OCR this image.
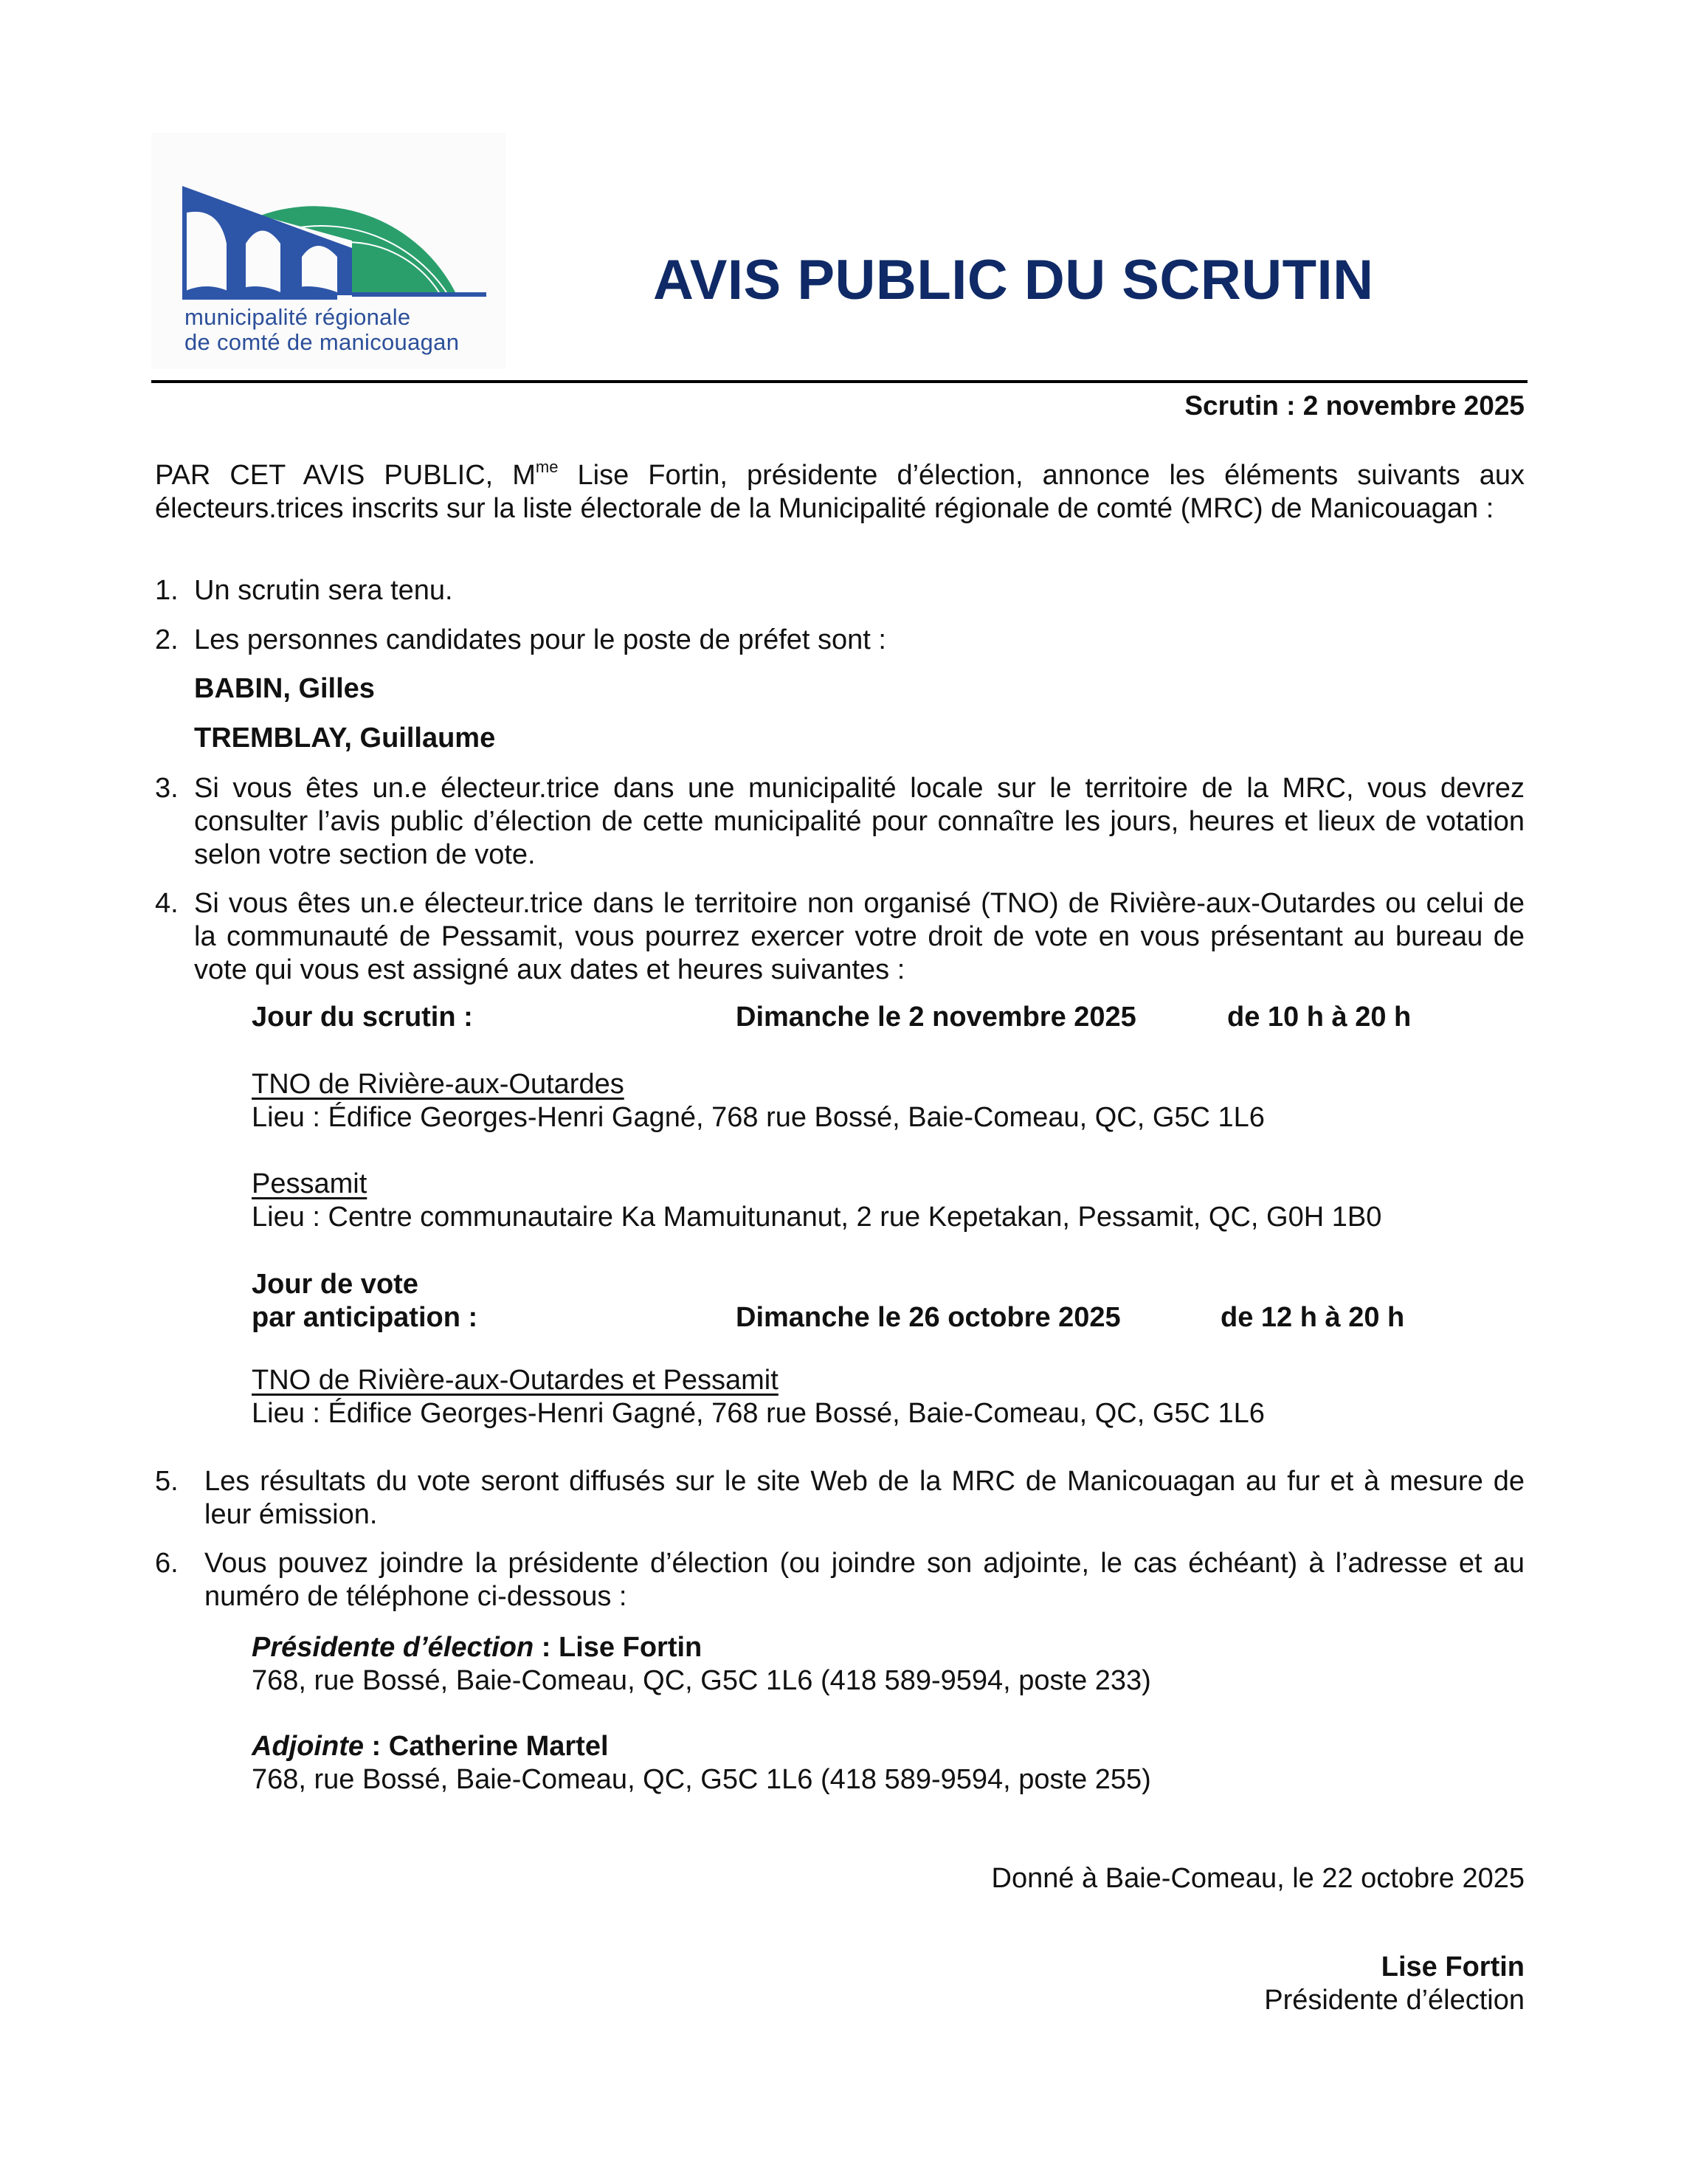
municipalité régionale
de comté de manicouagan
AVIS PUBLIC DU SCRUTIN
Scrutin : 2 novembre 2025
PAR CET AVIS PUBLIC, $M^{me}$ Lise Fortin, présidente d’élection, annonce les éléments suivants aux électeurs.trices inscrits sur la liste électorale de la Municipalité régionale de comté (MRC) de Manicouagan :
1. Un scrutin sera tenu.
2. Les personnes candidates pour le poste de préfet sont :
BABIN, Gilles
TREMBLAY, Guillaume
3. Si vous êtes un.e électeur.trice dans une municipalité locale sur le territoire de la MRC, vous devrez consulter l’avis public d’élection de cette municipalité pour connaître les jours, heures et lieux de votation selon votre section de vote.
4. Si vous êtes un.e électeur.trice dans le territoire non organisé (TNO) de Rivière-aux-Outardes ou celui de la communauté de Pessamit, vous pourrez exercer votre droit de vote en vous présentant au bureau de vote qui vous est assigné aux dates et heures suivantes :
Jour du scrutin :	Dimanche le 2 novembre 2025	de 10 h à 20 h
TNO de Rivière-aux-Outardes
Lieu : Édifice Georges-Henri Gagné, 768 rue Bossé, Baie-Comeau, QC, G5C 1L6
Pessamit
Lieu : Centre communautaire Ka Mamuitunanut, 2 rue Kepetakan, Pessamit, QC, G0H 1B0
Jour de vote
par anticipation :	Dimanche le 26 octobre 2025	de 12 h à 20 h
TNO de Rivière-aux-Outardes et Pessamit
Lieu : Édifice Georges-Henri Gagné, 768 rue Bossé, Baie-Comeau, QC, G5C 1L6
5. Les résultats du vote seront diffusés sur le site Web de la MRC de Manicouagan au fur et à mesure de leur émission.
6. Vous pouvez joindre la présidente d’élection (ou joindre son adjointe, le cas échéant) à l’adresse et au numéro de téléphone ci-dessous :
Présidente d’élection : Lise Fortin
768, rue Bossé, Baie-Comeau, QC, G5C 1L6 (418 589-9594, poste 233)
Adjointe : Catherine Martel
768, rue Bossé, Baie-Comeau, QC, G5C 1L6 (418 589-9594, poste 255)
Donné à Baie-Comeau, le 22 octobre 2025
Lise Fortin
Présidente d’élection
